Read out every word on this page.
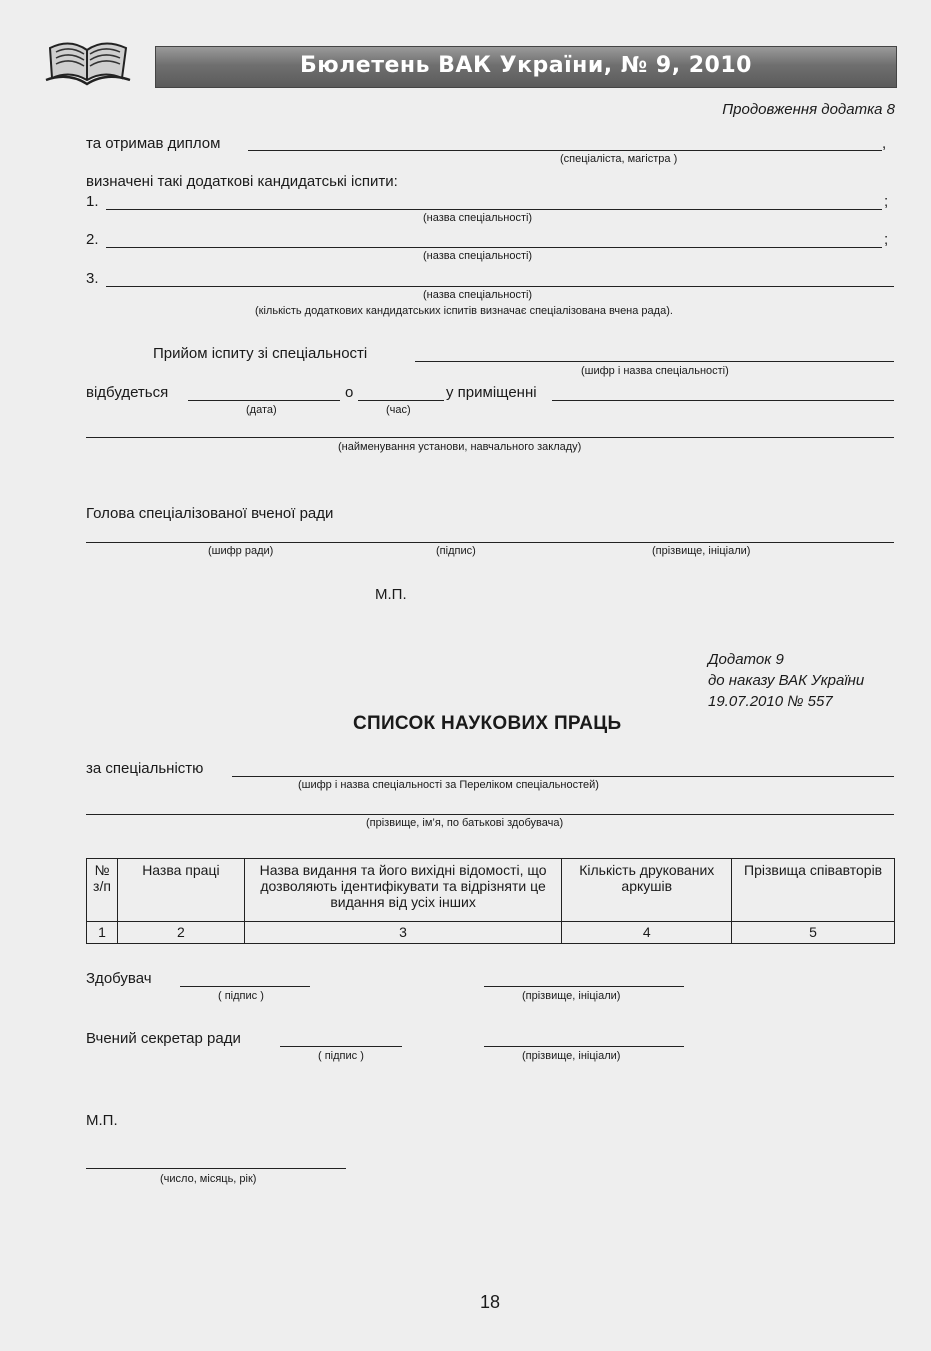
Бюлетень ВАК України, № 9, 2010
Продовження додатка 8
та отримав диплом	,
(спеціаліста, магістра )
визначені такі додаткові кандидатські іспити:
1.	;
(назва спеціальності)
2.	;
(назва спеціальності)
3.
(назва спеціальності)
(кількість додаткових кандидатських іспитів визначає спеціалізована вчена рада).
Прийом іспиту зі спеціальності
(шифр і назва спеціальності)
відбудеться	о	у приміщенні
(дата)	(час)
(найменування установи, навчального закладу)
Голова спеціалізованої вченої ради
(шифр ради)	(підпис)	(прізвище, ініціали)
М.П.
Додаток 9
до наказу ВАК України
19.07.2010 № 557
СПИСОК НАУКОВИХ ПРАЦЬ
за спеціальністю
(шифр і назва спеціальності за Переліком спеціальностей)
(прізвище, ім’я, по батькові здобувача)
№ з/п	Назва праці	Назва видання та його вихідні відомості, що дозволяють ідентифікувати та відрізняти це видання від усіх інших	Кількість друкованих аркушів	Прізвища співавторів
1	2	3	4	5
Здобувач
( підпис )	(прізвище, ініціали)
Вчений секретар ради
( підпис )	(прізвище, ініціали)
М.П.
(число, місяць, рік)
18
